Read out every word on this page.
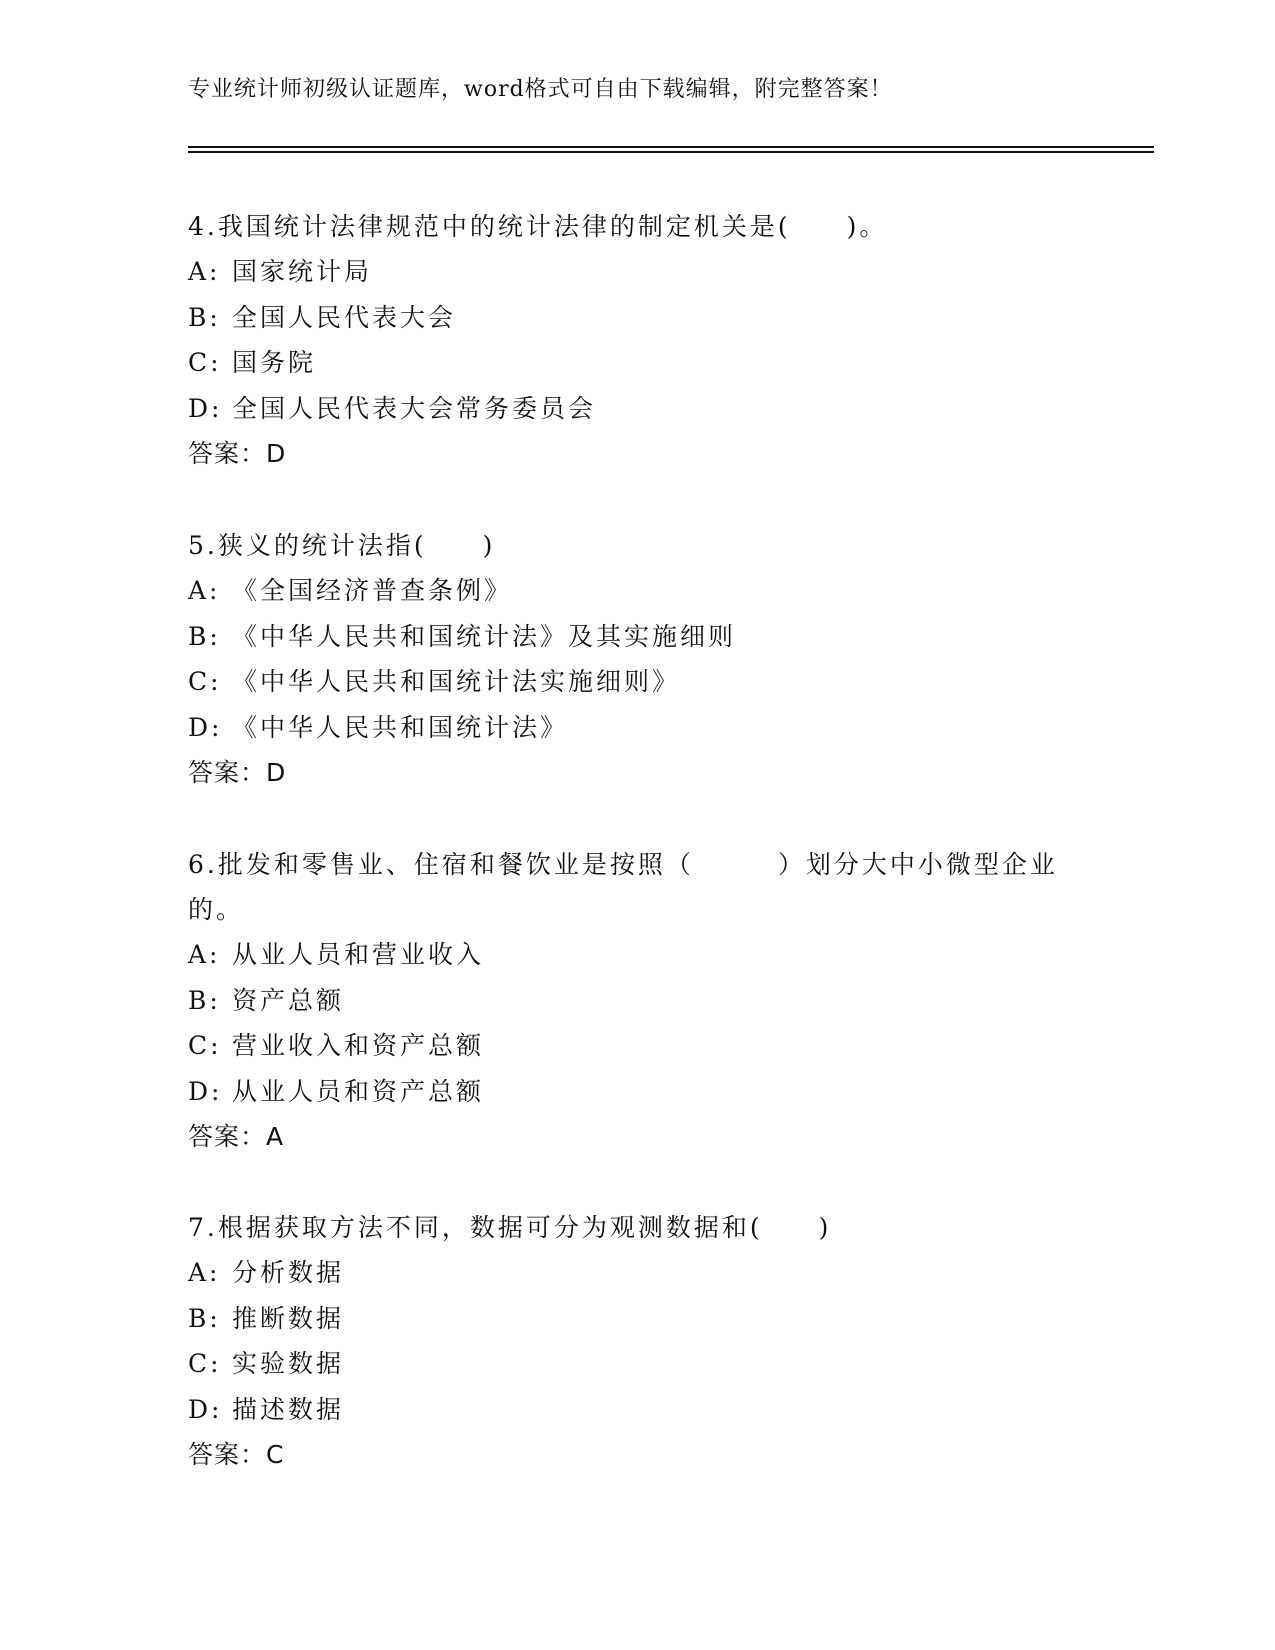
专业统计师初级认证题库，word格式可自由下载编辑，附完整答案！

4.我国统计法律规范中的统计法律的制定机关是(　　)。

A: 国家统计局
B: 全国人民代表大会
C: 国务院
D: 全国人民代表大会常务委员会
答案：D

5.狭义的统计法指(　　)

A: 《全国经济普查条例》
B: 《中华人民共和国统计法》及其实施细则
C: 《中华人民共和国统计法实施细则》
D: 《中华人民共和国统计法》
答案：D

6.批发和零售业、住宿和餐饮业是按照（　　　）划分大中小微型企业的。

A: 从业人员和营业收入
B: 资产总额
C: 营业收入和资产总额
D: 从业人员和资产总额
答案：A

7.根据获取方法不同，数据可分为观测数据和(　　)

A: 分析数据
B: 推断数据
C: 实验数据
D: 描述数据
答案：C
